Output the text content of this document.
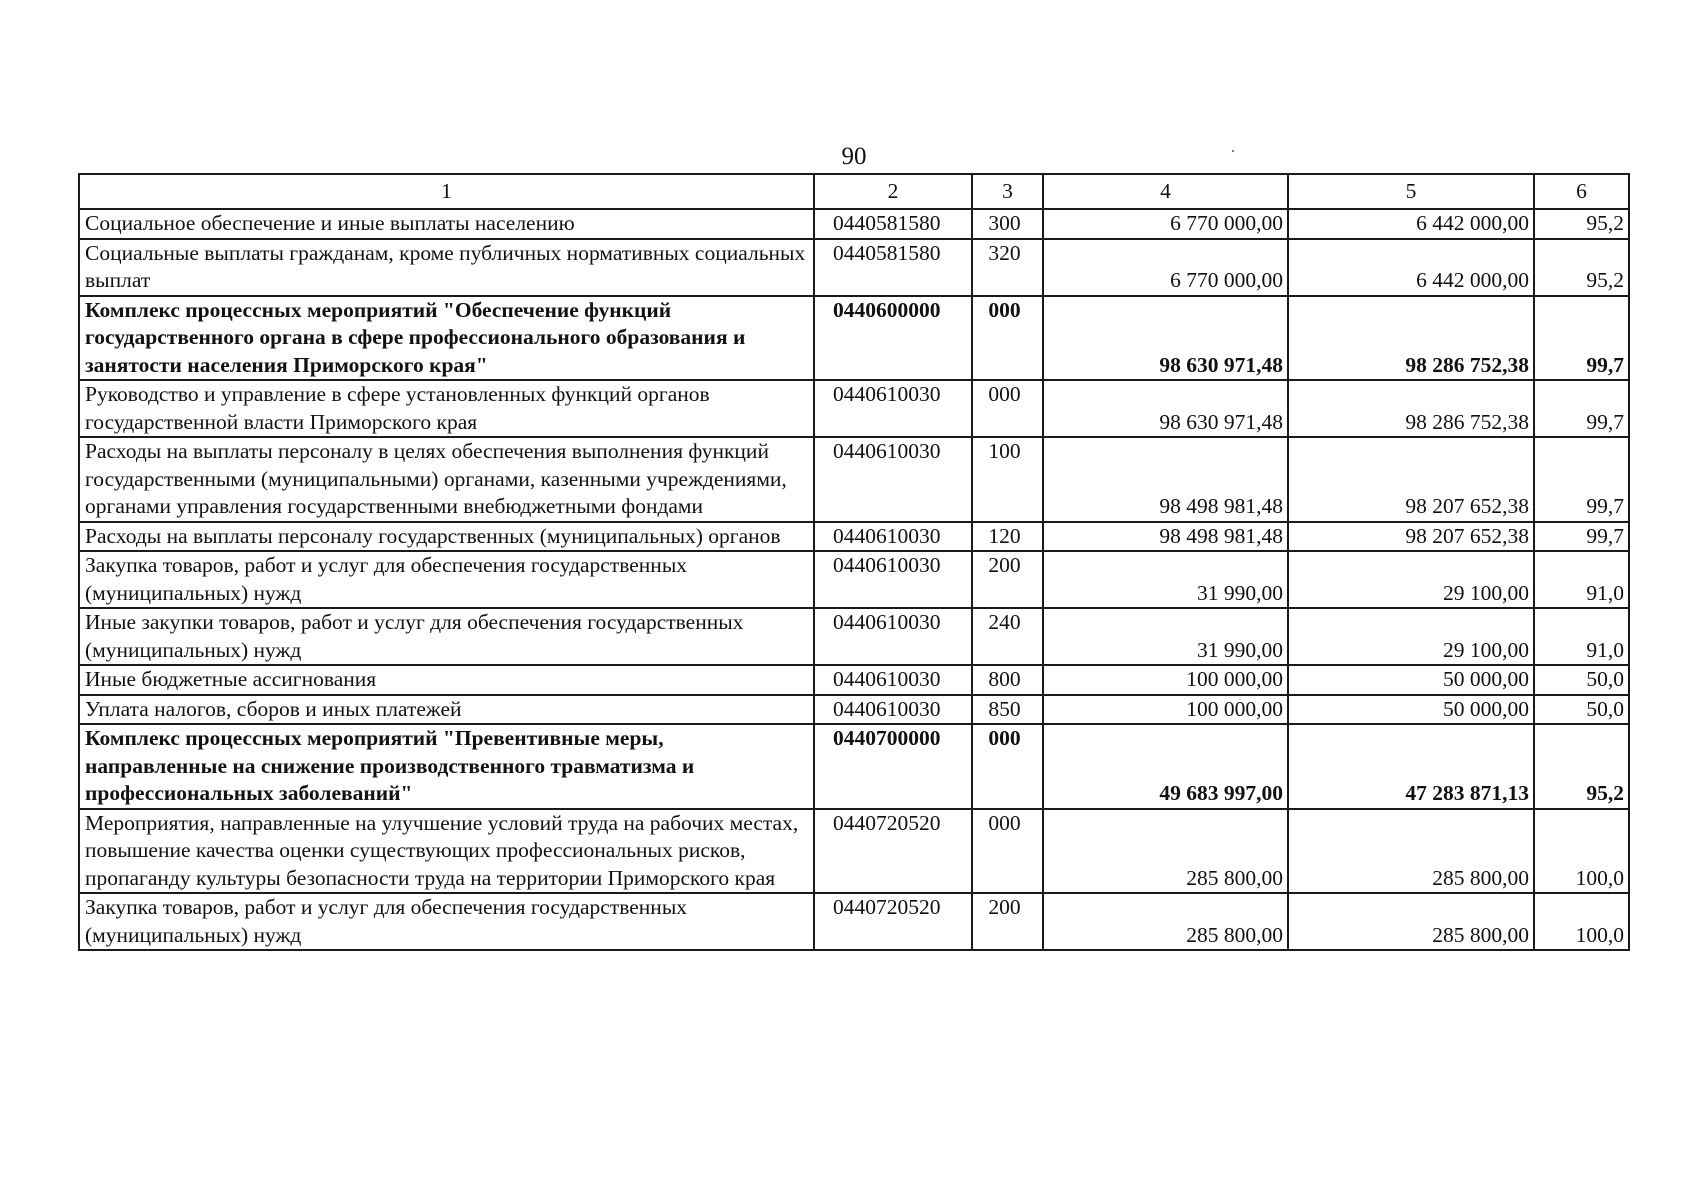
90
1	2	3	4	5	6
Социальное обеспечение и иные выплаты населению	0440581580	300	6 770 000,00	6 442 000,00	95,2
Социальные выплаты гражданам, кроме публичных нормативных социальных выплат	0440581580	320	6 770 000,00	6 442 000,00	95,2
Комплекс процессных мероприятий "Обеспечение функций государственного органа в сфере профессионального образования и занятости населения Приморского края"	0440600000	000	98 630 971,48	98 286 752,38	99,7
Руководство и управление в сфере установленных функций органов государственной власти Приморского края	0440610030	000	98 630 971,48	98 286 752,38	99,7
Расходы на выплаты персоналу в целях обеспечения выполнения функций государственными (муниципальными) органами, казенными учреждениями, органами управления государственными внебюджетными фондами	0440610030	100	98 498 981,48	98 207 652,38	99,7
Расходы на выплаты персоналу государственных (муниципальных) органов	0440610030	120	98 498 981,48	98 207 652,38	99,7
Закупка товаров, работ и услуг для обеспечения государственных (муниципальных) нужд	0440610030	200	31 990,00	29 100,00	91,0
Иные закупки товаров, работ и услуг для обеспечения государственных (муниципальных) нужд	0440610030	240	31 990,00	29 100,00	91,0
Иные бюджетные ассигнования	0440610030	800	100 000,00	50 000,00	50,0
Уплата налогов, сборов и иных платежей	0440610030	850	100 000,00	50 000,00	50,0
Комплекс процессных мероприятий "Превентивные меры, направленные на снижение производственного травматизма и профессиональных заболеваний"	0440700000	000	49 683 997,00	47 283 871,13	95,2
Мероприятия, направленные на улучшение условий труда на рабочих местах, повышение качества оценки существующих профессиональных рисков, пропаганду культуры безопасности труда на территории Приморского края	0440720520	000	285 800,00	285 800,00	100,0
Закупка товаров, работ и услуг для обеспечения государственных (муниципальных) нужд	0440720520	200	285 800,00	285 800,00	100,0
